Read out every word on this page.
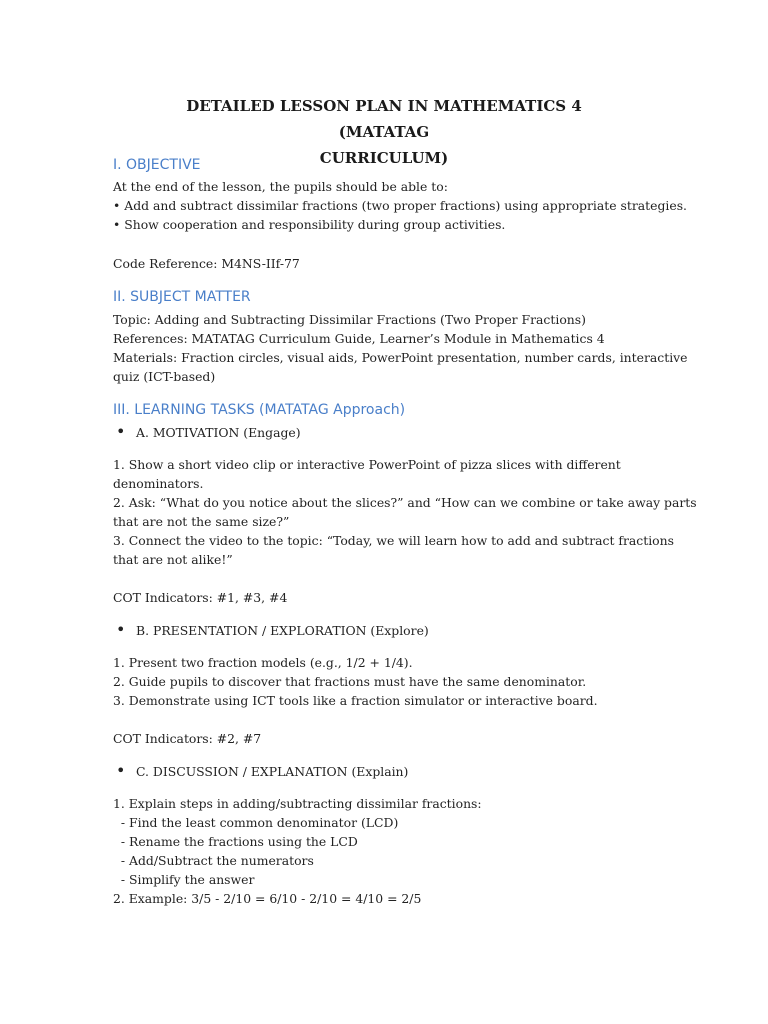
DETAILED LESSON PLAN IN MATHEMATICS 4 (MATATAG
CURRICULUM)
I. OBJECTIVE
At the end of the lesson, the pupils should be able to:
• Add and subtract dissimilar fractions (two proper fractions) using appropriate strategies.
• Show cooperation and responsibility during group activities.
Code Reference: M4NS-IIf-77
II. SUBJECT MATTER
Topic: Adding and Subtracting Dissimilar Fractions (Two Proper Fractions)
References: MATATAG Curriculum Guide, Learner’s Module in Mathematics 4
Materials: Fraction circles, visual aids, PowerPoint presentation, number cards, interactive
quiz (ICT-based)
III. LEARNING TASKS (MATATAG Approach)
• A. MOTIVATION (Engage)
1. Show a short video clip or interactive PowerPoint of pizza slices with different
denominators.
2. Ask: “What do you notice about the slices?” and “How can we combine or take away parts
that are not the same size?”
3. Connect the video to the topic: “Today, we will learn how to add and subtract fractions
that are not alike!”
COT Indicators: #1, #3, #4
• B. PRESENTATION / EXPLORATION (Explore)
1. Present two fraction models (e.g., 1/2 + 1/4).
2. Guide pupils to discover that fractions must have the same denominator.
3. Demonstrate using ICT tools like a fraction simulator or interactive board.
COT Indicators: #2, #7
• C. DISCUSSION / EXPLANATION (Explain)
1. Explain steps in adding/subtracting dissimilar fractions:
- Find the least common denominator (LCD)
- Rename the fractions using the LCD
- Add/Subtract the numerators
- Simplify the answer
2. Example: 3/5 - 2/10 = 6/10 - 2/10 = 4/10 = 2/5
